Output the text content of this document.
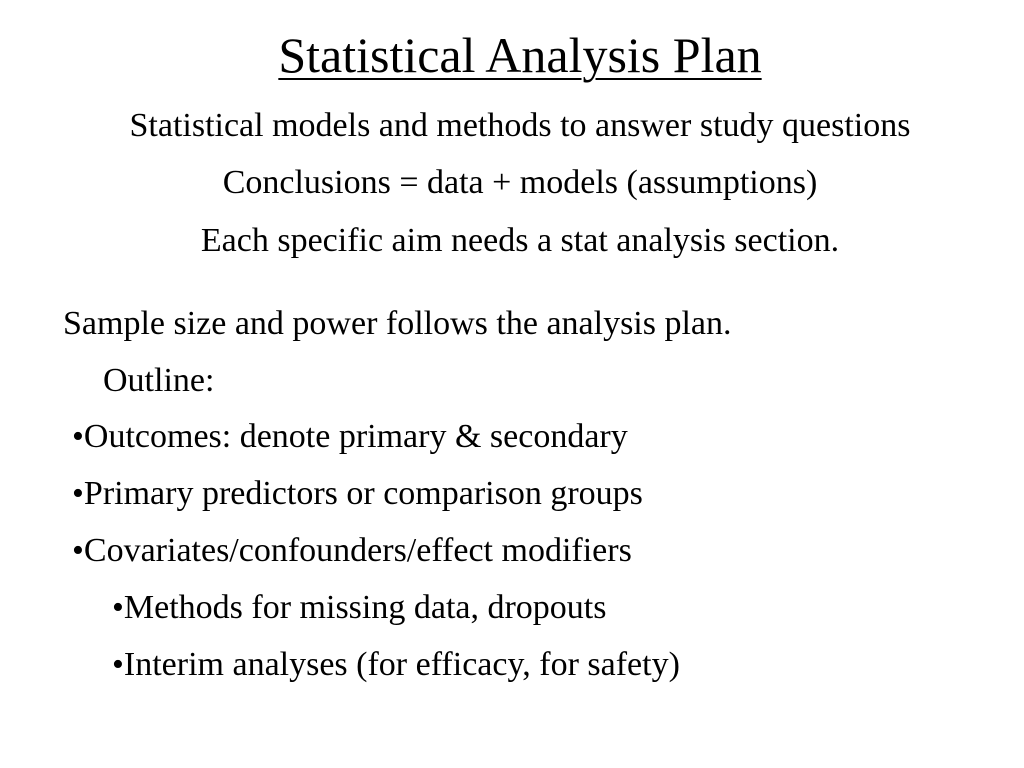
Statistical Analysis Plan
Statistical models and methods to answer study questions
Conclusions = data + models (assumptions)
Each specific aim needs a stat analysis section.
Sample size and power follows the analysis plan.
Outline:
•Outcomes: denote primary & secondary
•Primary predictors or comparison groups
•Covariates/confounders/effect modifiers
•Methods for missing data, dropouts
•Interim analyses (for efficacy, for safety)
